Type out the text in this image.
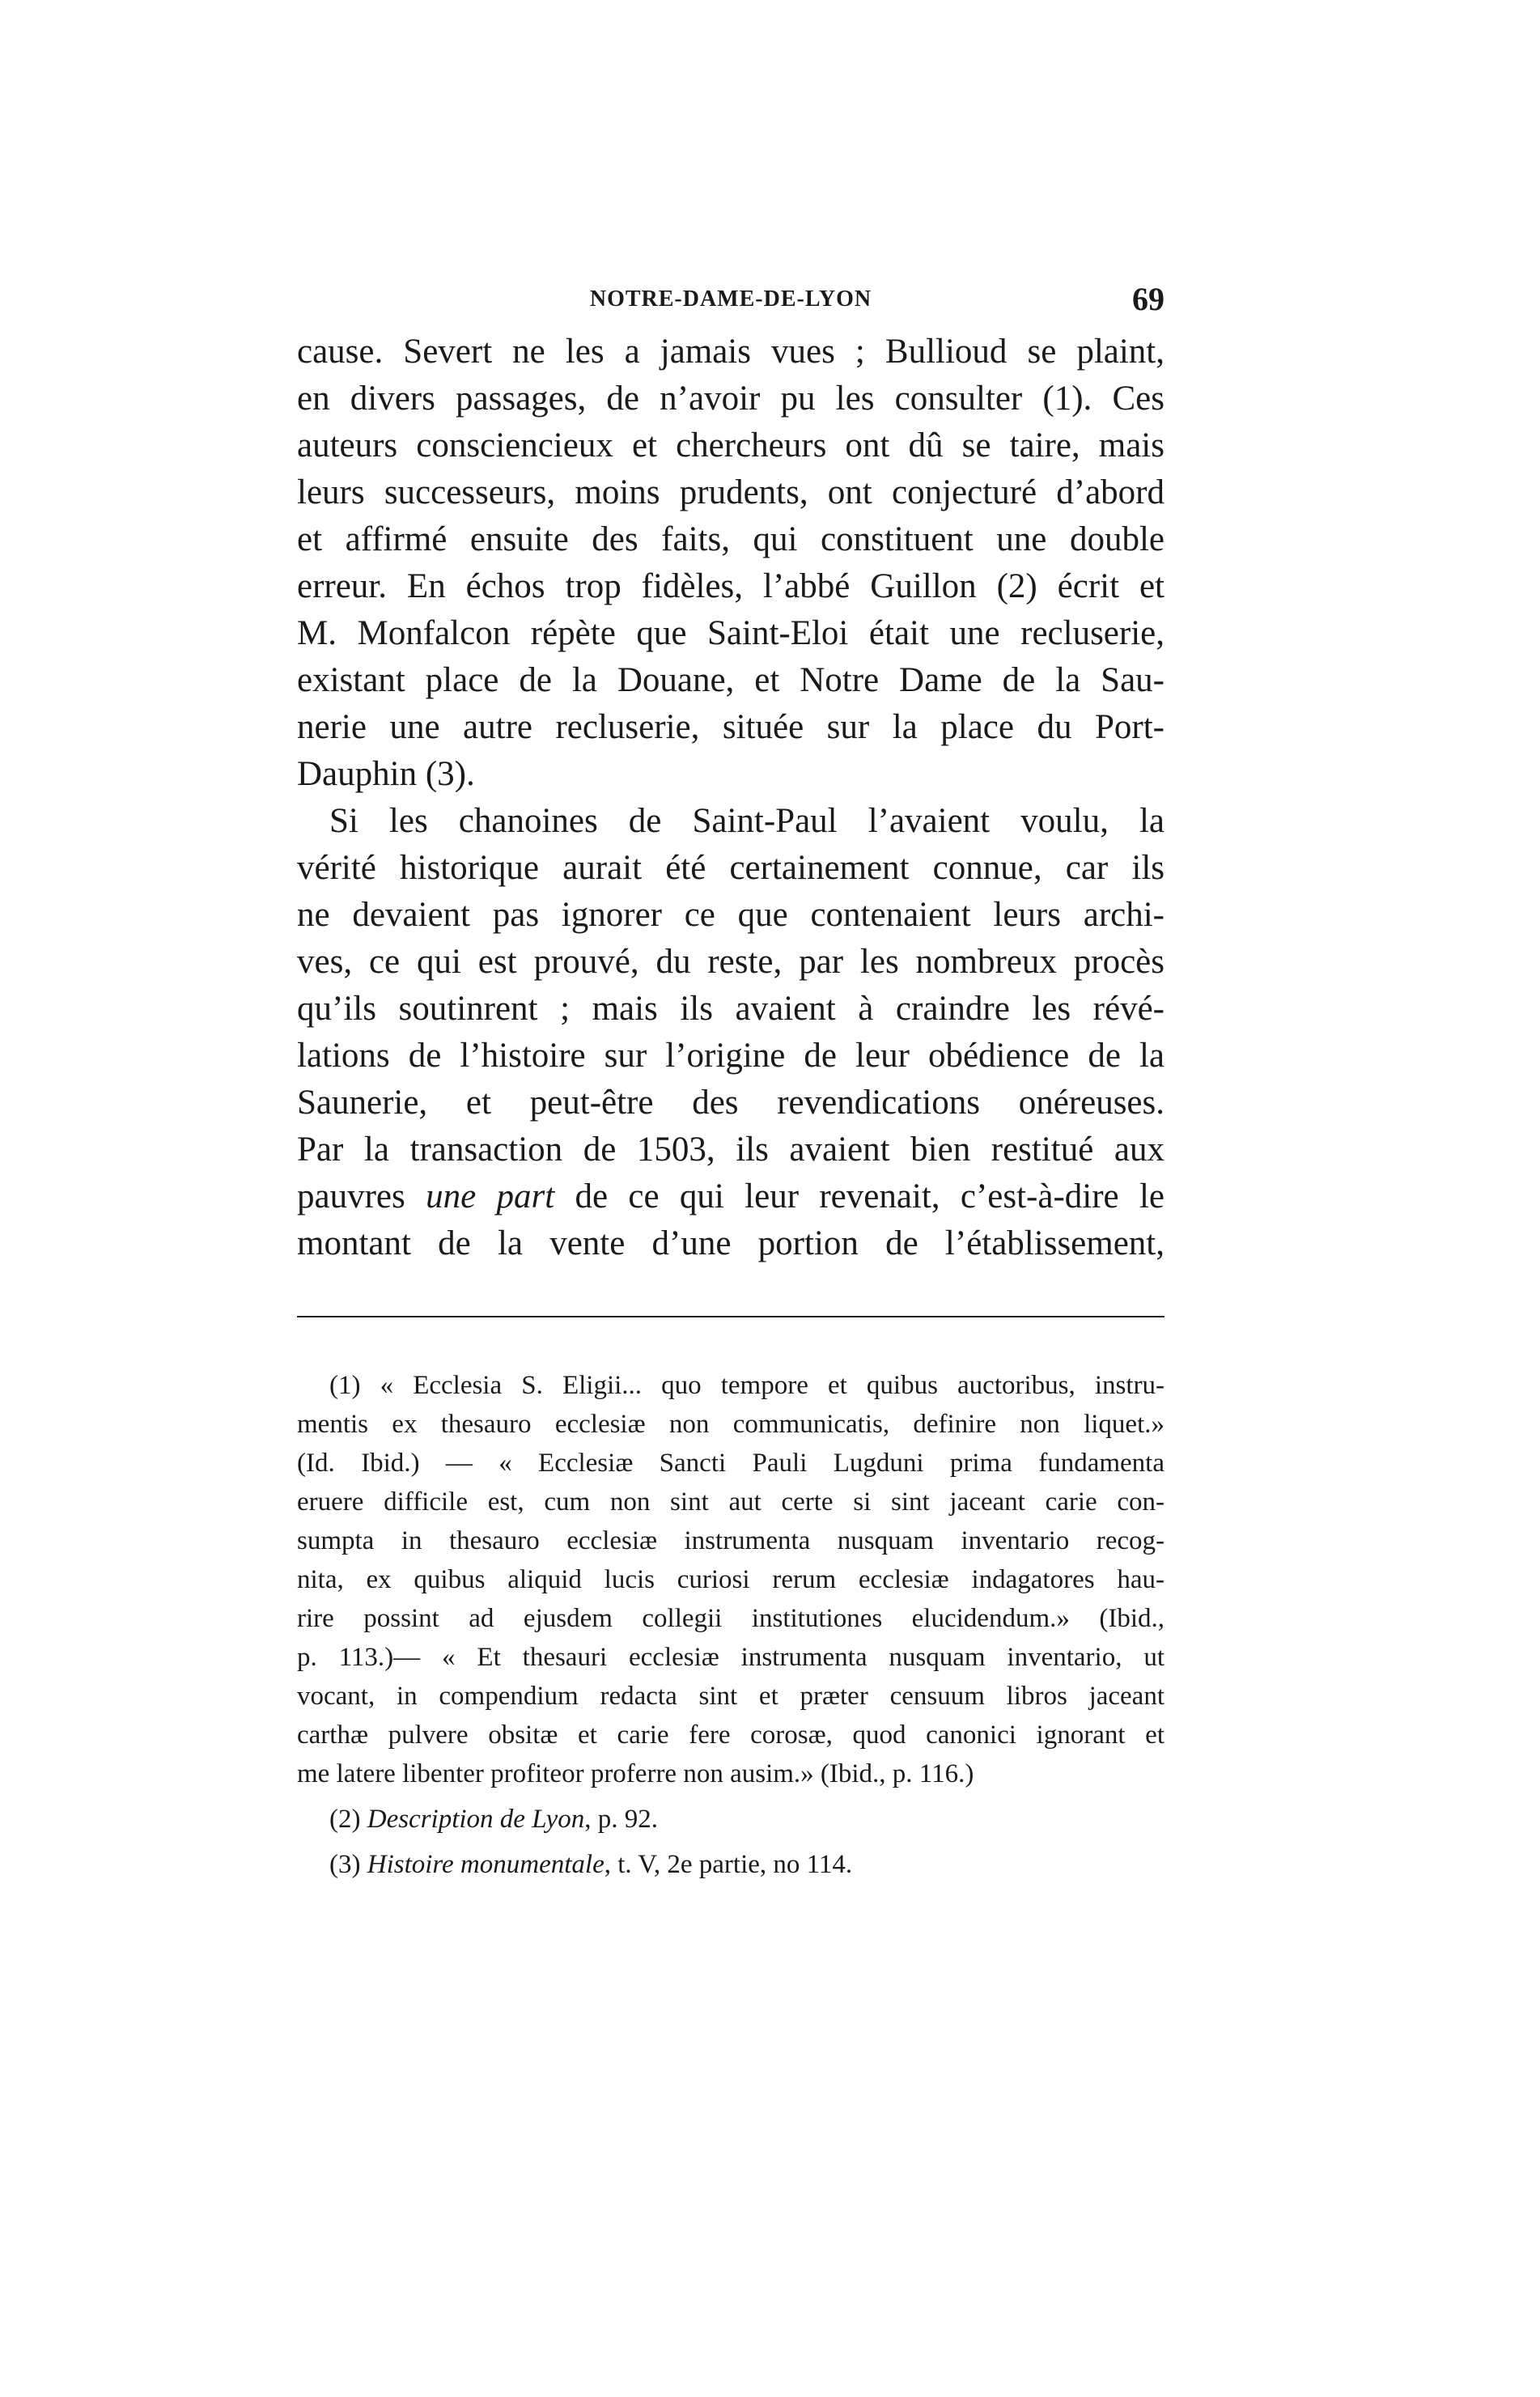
NOTRE-DAME-DE-LYON	69
cause. Severt ne les a jamais vues ; Bullioud se plaint,
en divers passages, de n’avoir pu les consulter (1). Ces
auteurs consciencieux et chercheurs ont dû se taire, mais
leurs successeurs, moins prudents, ont conjecturé d’abord
et affirmé ensuite des faits, qui constituent une double
erreur. En échos trop fidèles, l’abbé Guillon (2) écrit et
M. Monfalcon répète que Saint-Eloi était une recluserie,
existant place de la Douane, et Notre Dame de la Sau-
nerie une autre recluserie, située sur la place du Port-
Dauphin (3).
Si les chanoines de Saint-Paul l’avaient voulu, la
vérité historique aurait été certainement connue, car ils
ne devaient pas ignorer ce que contenaient leurs archi-
ves, ce qui est prouvé, du reste, par les nombreux procès
qu’ils soutinrent ; mais ils avaient à craindre les révé-
lations de l’histoire sur l’origine de leur obédience de la
Saunerie, et peut-être des revendications onéreuses.
Par la transaction de 1503, ils avaient bien restitué aux
pauvres une part de ce qui leur revenait, c’est-à-dire le
montant de la vente d’une portion de l’établissement,
(1) « Ecclesia S. Eligii... quo tempore et quibus auctoribus, instru-
mentis ex thesauro ecclesiæ non communicatis, definire non liquet.»
(Id. Ibid.) — « Ecclesiæ Sancti Pauli Lugduni prima fundamenta
eruere difficile est, cum non sint aut certe si sint jaceant carie con-
sumpta in thesauro ecclesiæ instrumenta nusquam inventario recog-
nita, ex quibus aliquid lucis curiosi rerum ecclesiæ indagatores hau-
rire possint ad ejusdem collegii institutiones elucidendum.» (Ibid.,
p. 113.)— « Et thesauri ecclesiæ instrumenta nusquam inventario, ut
vocant, in compendium redacta sint et præter censuum libros jaceant
carthæ pulvere obsitæ et carie fere corosæ, quod canonici ignorant et
me latere libenter profiteor proferre non ausim.» (Ibid., p. 116.)
(2) Description de Lyon, p. 92.
(3) Histoire monumentale, t. V, 2e partie, no 114.
